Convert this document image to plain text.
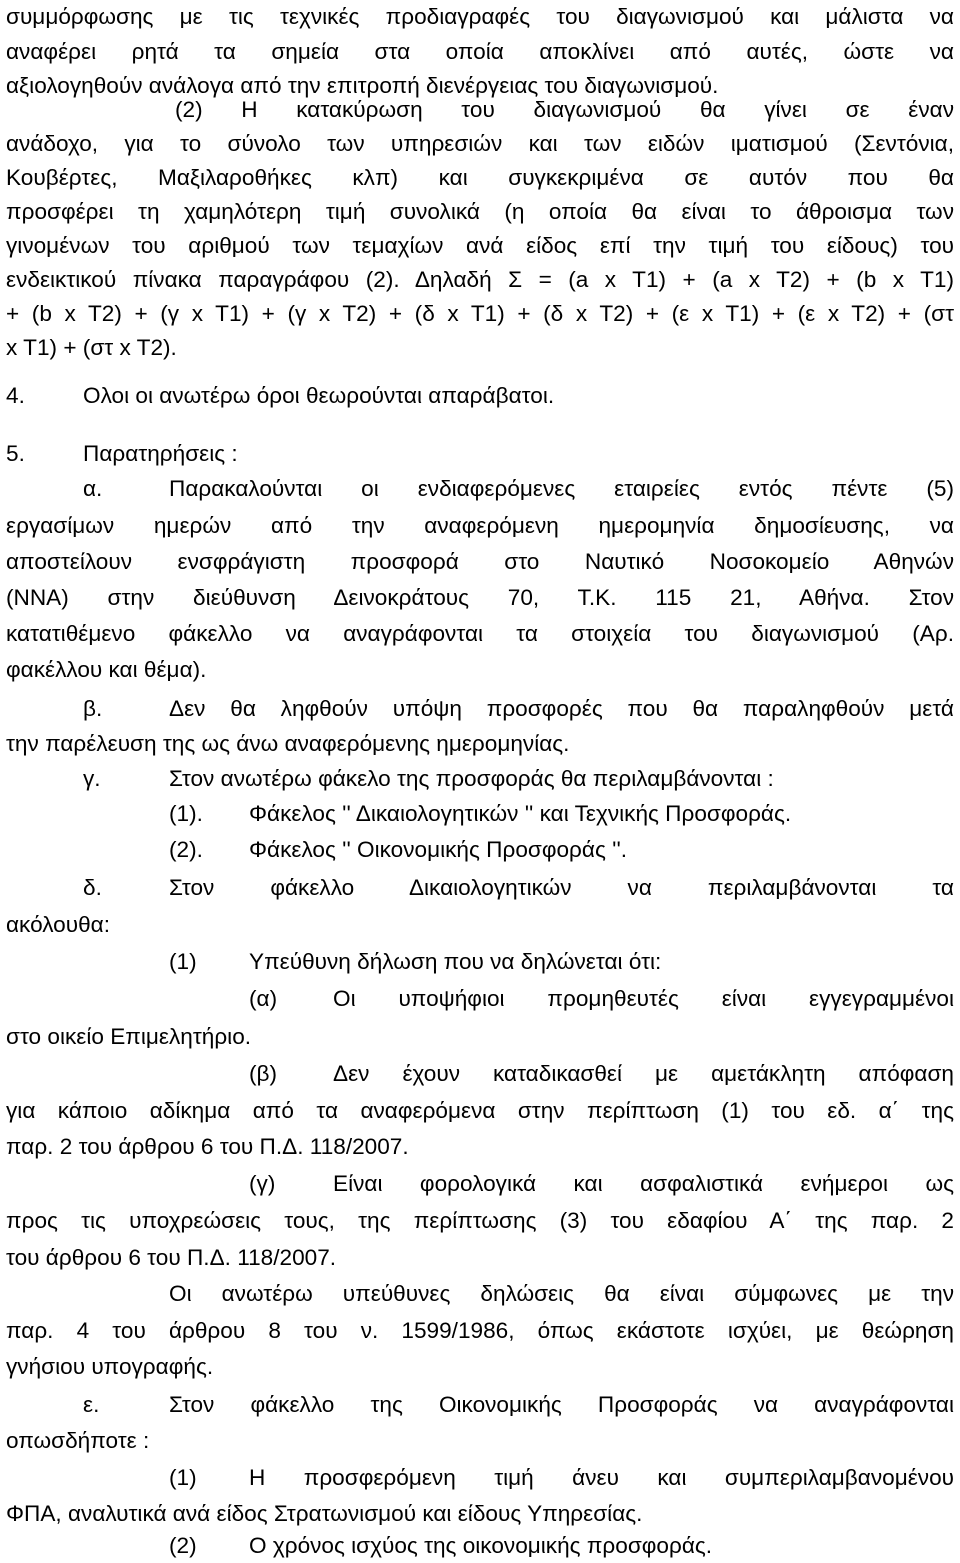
συμμόρφωσης με τις τεχνικές προδιαγραφές του διαγωνισμού και μάλιστα να
αναφέρει ρητά τα σημεία στα οποία αποκλίνει από αυτές, ώστε να
αξιολογηθούν ανάλογα από την επιτροπή διενέργειας του διαγωνισμού.
(2) Η κατακύρωση του διαγωνισμού θα γίνει σε έναν
ανάδοχο, για το σύνολο των υπηρεσιών και των ειδών ιματισμού (Σεντόνια,
Κουβέρτες, Μαξιλαροθήκες κλπ) και συγκεκριμένα σε αυτόν που θα
προσφέρει τη χαμηλότερη τιμή συνολικά (η οποία θα είναι το άθροισμα των
γινομένων του αριθμού των τεμαχίων ανά είδος επί την τιμή του είδους) του
ενδεικτικού πίνακα παραγράφου (2). Δηλαδή Σ = (a x T1) + (a x T2) + (b x T1)
+ (b x T2) + (γ x T1) + (γ x T2) + (δ x T1) + (δ x T2) + (ε x T1) + (ε x T2) + (στ
x T1) + (στ x T2).
4.	Ολοι οι ανωτέρω όροι θεωρούνται απαράβατοι.
5.	Παρατηρήσεις :
α.	Παρακαλούνται οι ενδιαφερόμενες εταιρείες εντός πέντε (5)
εργασίμων ημερών από την αναφερόμενη ημερομηνία δημοσίευσης, να
αποστείλουν ενσφράγιστη προσφορά στο Ναυτικό Νοσοκομείο Αθηνών
(ΝΝΑ) στην διεύθυνση Δεινοκράτους 70, Τ.Κ. 115 21, Αθήνα. Στον
κατατιθέμενο φάκελλο να αναγράφονται τα στοιχεία του διαγωνισμού (Αρ.
φακέλλου και θέμα).
β.	Δεν θα ληφθούν υπόψη προσφορές που θα παραληφθούν μετά
την παρέλευση της ως άνω αναφερόμενης ημερομηνίας.
γ.	Στον ανωτέρω φάκελο της προσφοράς θα περιλαμβάνονται :
(1). Φάκελος '' Δικαιολογητικών '' και Τεχνικής Προσφοράς.
(2). Φάκελος '' Οικονομικής Προσφοράς ''.
δ.	Στον φάκελλο Δικαιολογητικών να περιλαμβάνονται τα
ακόλουθα:
(1) Υπεύθυνη δήλωση που να δηλώνεται ότι:
(α) Οι υποψήφιοι προμηθευτές είναι εγγεγραμμένοι
στο οικείο Επιμελητήριο.
(β) Δεν έχουν καταδικασθεί με αμετάκλητη απόφαση
για κάποιο αδίκημα από τα αναφερόμενα στην περίπτωση (1) του εδ. α΄ της
παρ. 2 του άρθρου 6 του Π.Δ. 118/2007.
(γ)	Είναι φορολογικά και ασφαλιστικά ενήμεροι ως
προς τις υποχρεώσεις τους, της περίπτωσης (3) του εδαφίου Α΄ της παρ. 2
του άρθρου 6 του Π.Δ. 118/2007.
Οι ανωτέρω υπεύθυνες δηλώσεις θα είναι σύμφωνες με την
παρ. 4 του άρθρου 8 του ν. 1599/1986, όπως εκάστοτε ισχύει, με θεώρηση
γνήσιου υπογραφής.
ε.	Στον φάκελλο της Οικονομικής Προσφοράς να αναγράφονται
οπωσδήποτε :
(1) Η προσφερόμενη τιμή άνευ και συμπεριλαμβανομένου
ΦΠΑ, αναλυτικά ανά είδος Στρατωνισμού και είδους Υπηρεσίας.
(2) Ο χρόνος ισχύος της οικονομικής προσφοράς.
